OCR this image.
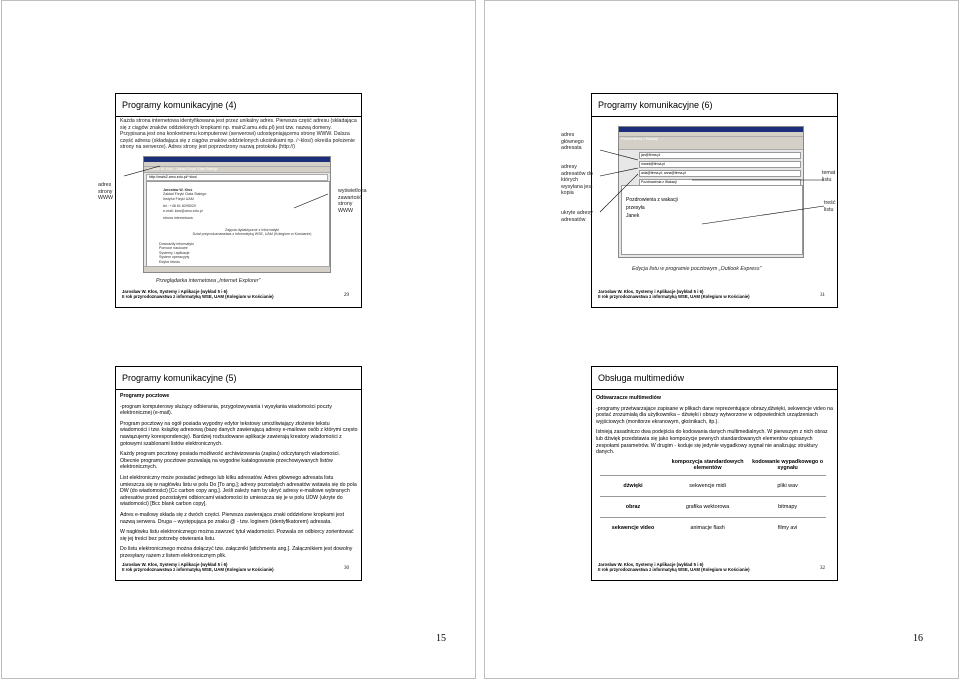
Programy komunikacyjne (4)
Każda strona internetowa identyfikowana jest przez unikalny adres. Pierwsza część adresu (składająca się z ciągów znaków oddzielonych kropkami np. main2.amu.edu.pl) jest tzw. nazwą domeny. Przypisana jest ona konkretnemu komputerowi (serwerowi) udostępniającemu stronę WWW. Dalsza część adresu (składająca się z ciągów znaków oddzielonych ukośnikami np. /~klos/) określa położenie strony na serwerze). Adres strony jest poprzedzony nazwą protokołu (http://)
Jarosław W. Kłos - Zakład Fizyki Ciała Stałego
http://main2.amu.edu.pl/~klos/
Jarosław W. Kłos
Zakład Fizyki Ciała Stałego
Instytut Fizyki UAM
tel.: +48 61 8295029
e-mail: klos@amu.edu.pl
strona internetowa
Zajęcia dydaktyczne z Informatyki
Dział przyrodoznawstwa z informatyką WSE, UAM (Kolegium w Kościanie)
Dowodziły informatyki
Pomoce naukowe
Systemy i aplikacje
System operacyjny
Edytor tekstu
adres strony WWW
wyświetlona zawartość strony WWW
Przeglądarka internetowa „Internet Explorer”
Jarosław W. Kłos, Systemy i Aplikacje (wykład 5 i 6)
II rok przyrodoznawstwa z informatyką WSE, UAM (Kolegium w Kościanie)	29
Programy komunikacyjne (5)

Programy pocztowe

-program komputerowy służący odbierania, przygotowywania i wysyłania wiadomości poczty elektronicznej (e-mail).

Program pocztowy na ogół posiada wygodny edytor tekstowy umożliwiający złożenie tekstu wiadomości i tzw. książkę adresową (bazę danych zawierającą adresy e-mailowe osób z którymi często nawiązujemy korespondencję). Bardziej rozbudowane aplikacje zawierają kreatory wiadomości z gotowymi szablonami listów elektronicznych.

Każdy program pocztowy posiada możliwość archiwizowania (zapisu) odczytanych wiadomości. Obecnie programy pocztowe pozwalają na wygodne katalogowanie przechowywanych listów elektronicznych.

List elektroniczny może posiadać jednego lub kilku adresatów. Adres głównego adresata listu umieszcza się w nagłówku listu w polu Do [To ang.]; adresy pozostałych adresatów wstawia się do pola DW (do wiadomości) [Cc carbon copy ang.]. Jeśli zależy nam by ukryć adresy e-mailowe wybranych adresatów przed pozostałymi odbiorcami wiadomości to umieszcza się je w polu UDW (ukryte do wiadomości) [Bcc blank carbon copy].

Adres e-mailowy składa się z dwóch części. Pierwsza zawierająca znaki oddzielone kropkami jest nazwą serwera. Druga – występująca po znaku @ - tzw. loginem (identyfikatorem) adresata.

W nagłówku listu elektronicznego można zawrzeć tytuł wiadomości. Pozwala on odbiorcy zorientować się jej treści bez potrzeby otwierania listu.

Do listu elektronicznego można dołączyć tzw. załączniki [attchments ang.]. Załącznikiem jest dowolny przesyłany razem z listem elektronicznym plik.

Jarosław W. Kłos, Systemy i Aplikacje (wykład 5 i 6)
II rok przyrodoznawstwa z informatyką WSE, UAM (Kolegium w Kościanie)	30
15
Programy komunikacyjne (6)
Pozdrowienia z Wakacji
jan@firma.pl
marek@firma.pl
ania@firma.pl; anna@firma.pl
Pozdrowienia z Wakacji
Pozdrowienia z wakacji
przesyła
Janek
adres głównego adresata
adresy adresatów do których wysyłana jest kopia
ukryte adresy adresatów
temat listu
treść listu
Edycja listu w programie pocztowym „Outlook Express”
Jarosław W. Kłos, Systemy i Aplikacje (wykład 5 i 6)
II rok przyrodoznawstwa z informatyką WSE, UAM (Kolegium w Kościanie)	31
Obsługa multimediów

Odtwarzacze multimediów

-programy przetwarzające zapisane w plikach dane reprezentujące obrazy,dźwięki, sekwencje video na postać zrozumiałą dla użytkownika – dźwięki i obrazy wytworzone w odpowiednich urządzeniach wyjściowych (monitorze ekranowym, głośnikach, itp.).

Istnieją zasadniczo dwa podejścia do kodowania danych multimedialnych. W pierwszym z nich obraz lub dźwięk przedstawia się jako kompozycje pewnych standardowanych elementów opisanych zespołami parametrów. W drugim - koduje się jedynie wygadkowy sygnał nie analizując struktury danych.

	kompozycja standardowych elementów	kodowanie wypadkowego o sygnału
dźwięki	sekwencje midi	pliki wav
obraz	grafika wektorowa	bitmapy
sekwencje video	animacje flash	filmy avi
Jarosław W. Kłos, Systemy i Aplikacje (wykład 5 i 6)
II rok przyrodoznawstwa z informatyką WSE, UAM (Kolegium w Kościanie)	32
16
